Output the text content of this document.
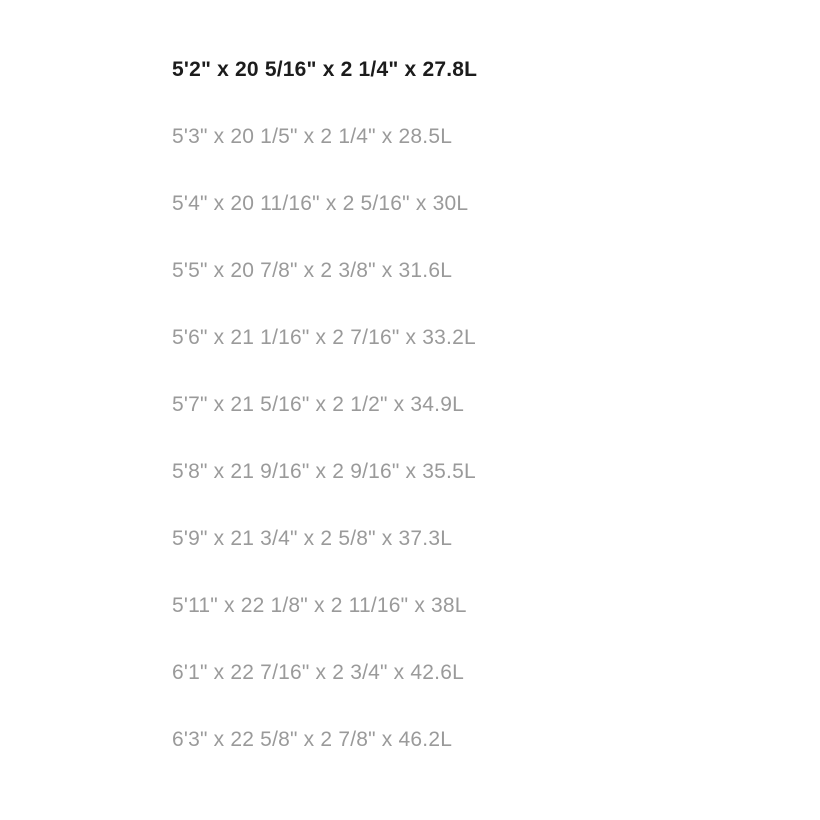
5'2" x 20 5/16" x 2 1/4" x 27.8L
5'3" x 20 1/5" x 2 1/4" x 28.5L
5'4" x 20 11/16" x 2 5/16" x 30L
5'5" x 20 7/8" x 2 3/8" x 31.6L
5'6" x 21 1/16" x 2 7/16" x 33.2L
5'7" x 21 5/16" x 2 1/2" x 34.9L
5'8" x 21 9/16" x 2 9/16" x 35.5L
5'9" x 21 3/4" x 2 5/8" x 37.3L
5'11" x 22 1/8" x 2 11/16" x 38L
6'1" x 22 7/16" x 2 3/4" x 42.6L
6'3" x 22 5/8" x 2 7/8" x 46.2L
